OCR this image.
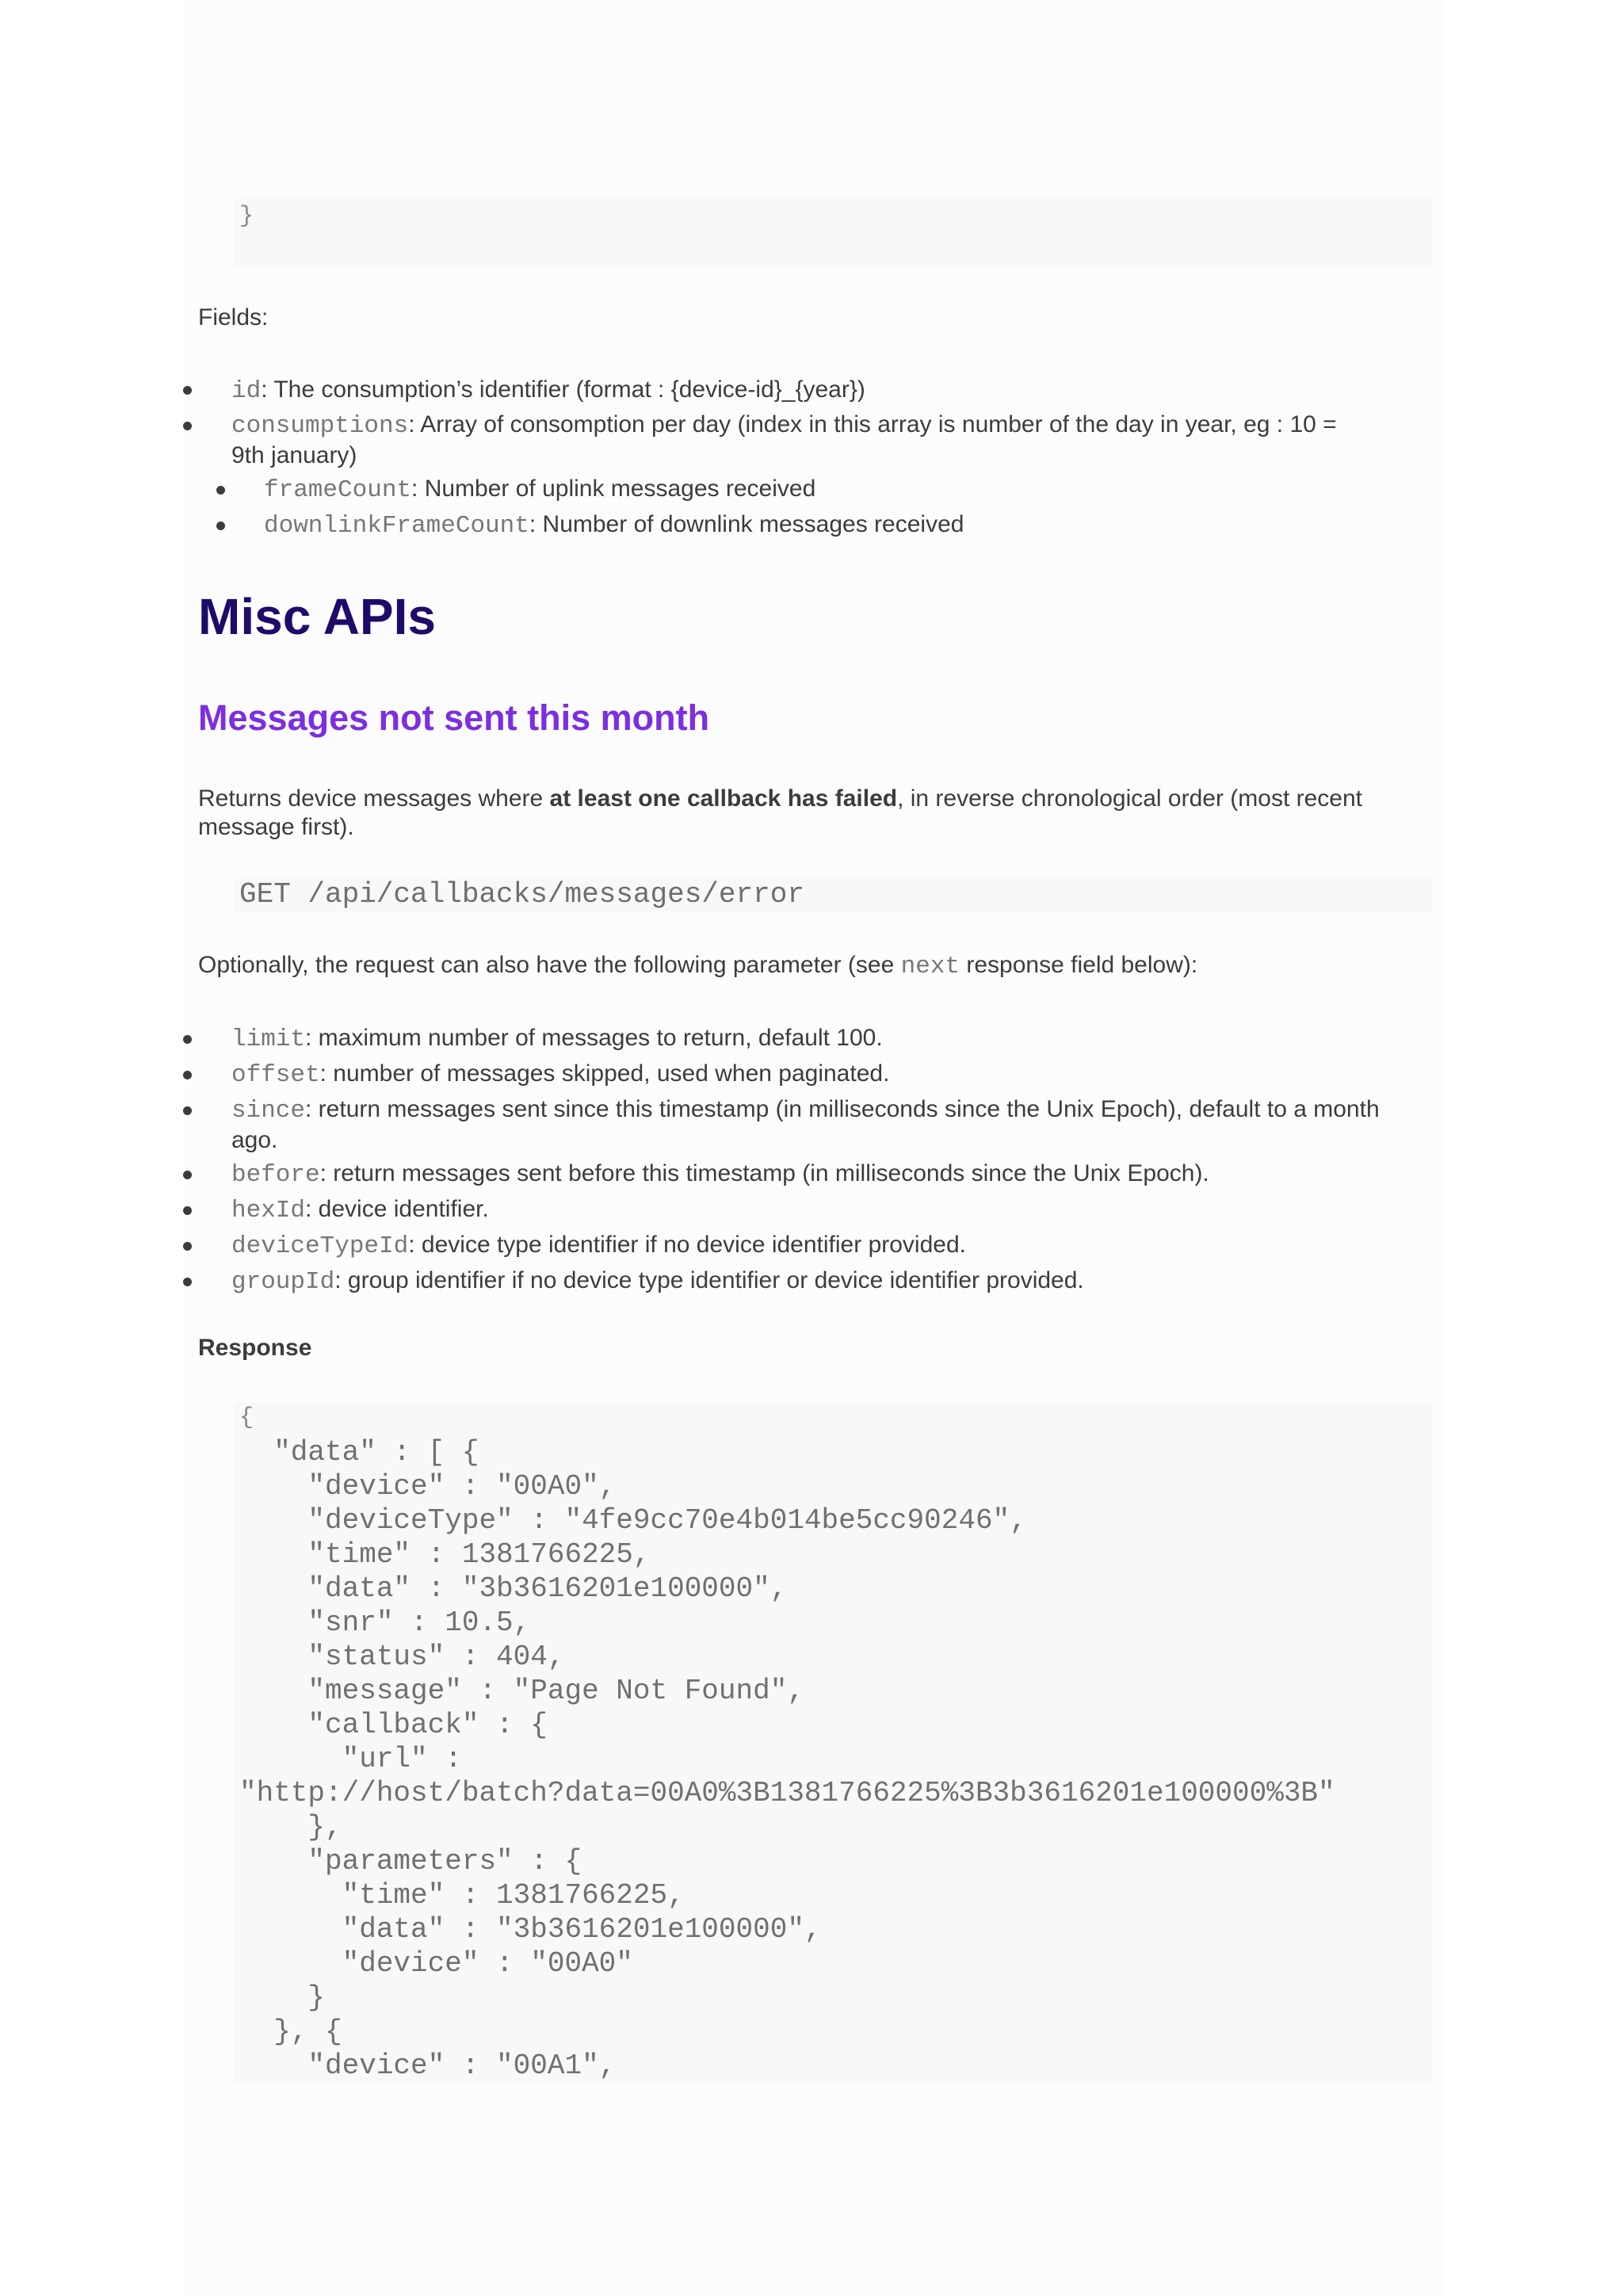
}
Fields:
id: The consumption’s identifier (format : {device-id}_{year})
consumptions: Array of consomption per day (index in this array is number of the day in year, eg : 10 =
9th january)
frameCount: Number of uplink messages received
downlinkFrameCount: Number of downlink messages received
Misc APIs
Messages not sent this month
Returns device messages where at least one callback has failed, in reverse chronological order (most recent
message first).
GET /api/callbacks/messages/error
Optionally, the request can also have the following parameter (see next response field below):
limit: maximum number of messages to return, default 100.
offset: number of messages skipped, used when paginated.
since: return messages sent since this timestamp (in milliseconds since the Unix Epoch), default to a month
ago.
before: return messages sent before this timestamp (in milliseconds since the Unix Epoch).
hexId: device identifier.
deviceTypeId: device type identifier if no device identifier provided.
groupId: group identifier if no device type identifier or device identifier provided.
Response
{
"data" : [ {
"device" : "00A0",
"deviceType" : "4fe9cc70e4b014be5cc90246",
"time" : 1381766225,
"data" : "3b3616201e100000",
"snr" : 10.5,
"status" : 404,
"message" : "Page Not Found",
"callback" : {
"url" :
"http://host/batch?data=00A0%3B1381766225%3B3b3616201e100000%3B"
},
"parameters" : {
"time" : 1381766225,
"data" : "3b3616201e100000",
"device" : "00A0"
}
}, {
"device" : "00A1",
